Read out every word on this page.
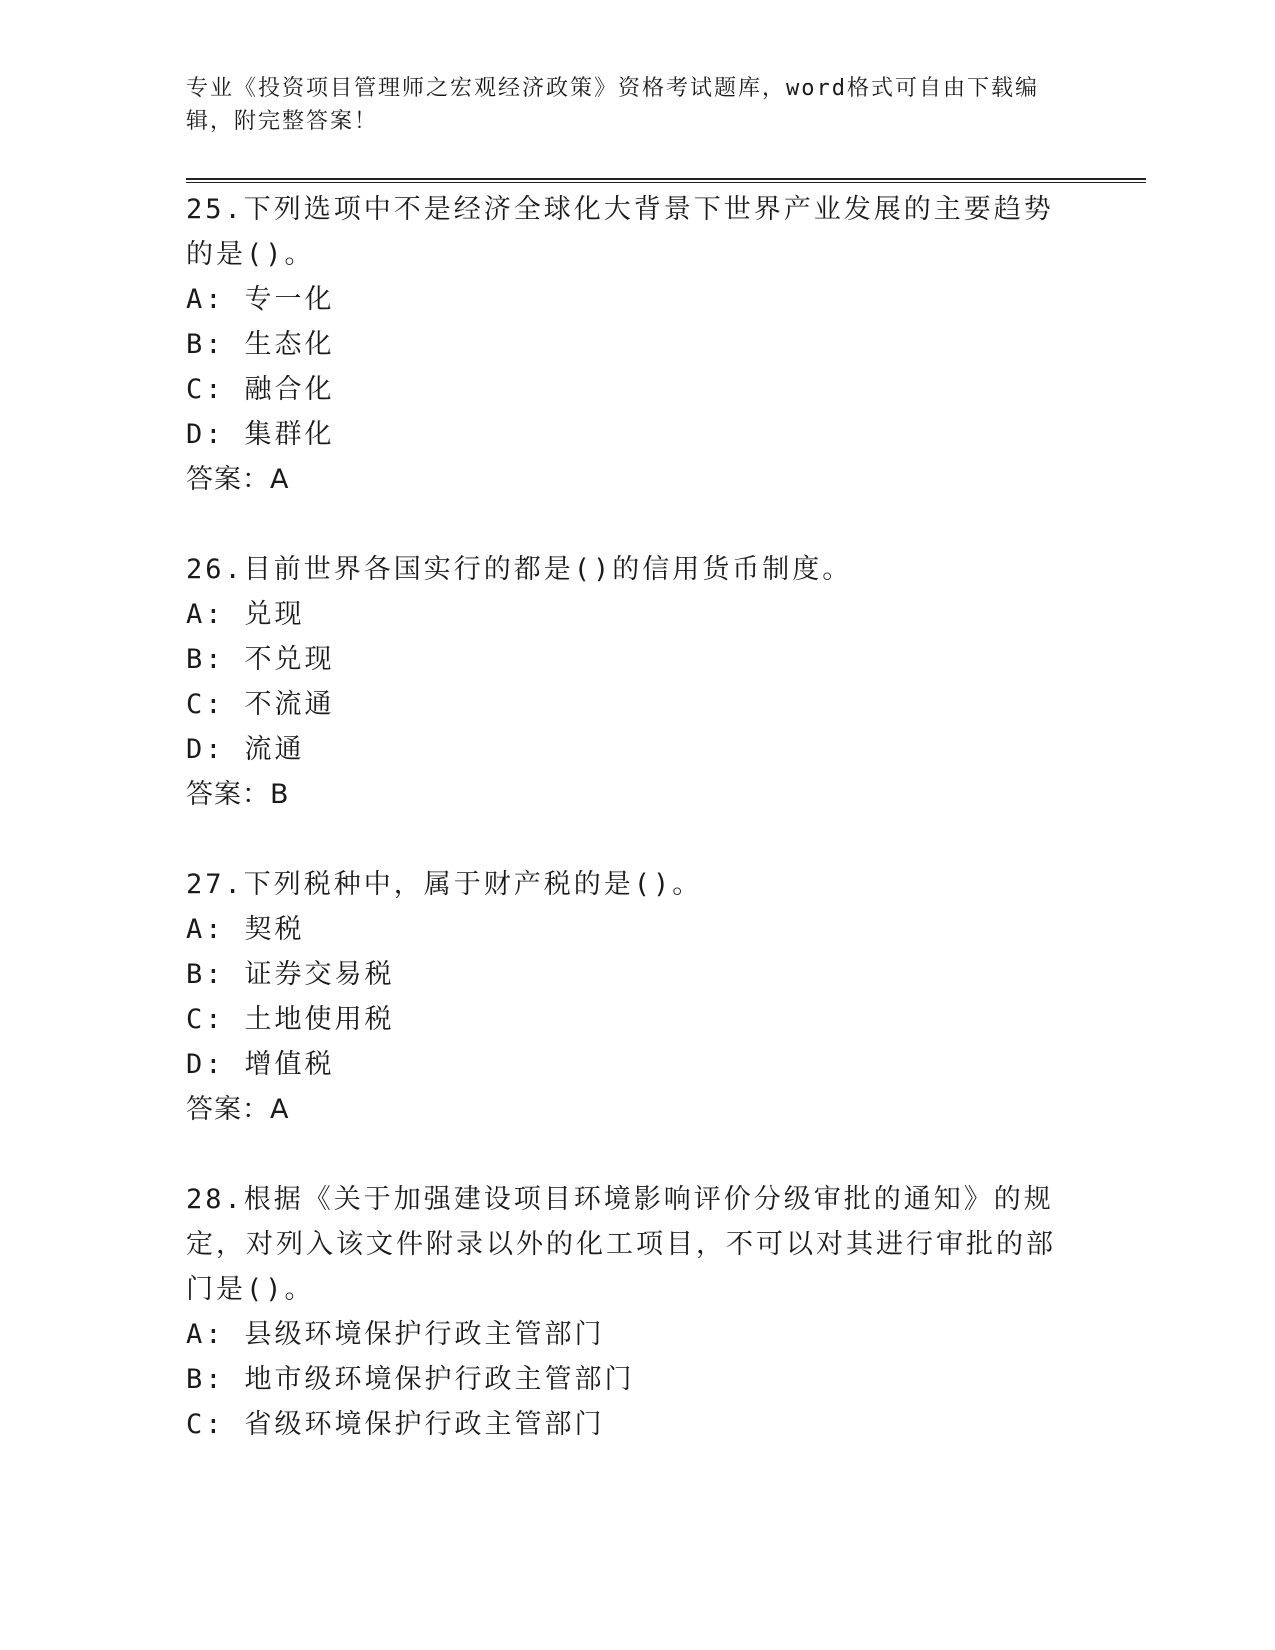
专业《投资项目管理师之宏观经济政策》资格考试题库，word格式可自由下载编辑，附完整答案！
25.下列选项中不是经济全球化大背景下世界产业发展的主要趋势的是()。
A: 专一化
B: 生态化
C: 融合化
D: 集群化
答案：A
26.目前世界各国实行的都是()的信用货币制度。
A: 兑现
B: 不兑现
C: 不流通
D: 流通
答案：B
27.下列税种中，属于财产税的是()。
A: 契税
B: 证券交易税
C: 土地使用税
D: 增值税
答案：A
28.根据《关于加强建设项目环境影响评价分级审批的通知》的规定，对列入该文件附录以外的化工项目，不可以对其进行审批的部门是()。
A: 县级环境保护行政主管部门
B: 地市级环境保护行政主管部门
C: 省级环境保护行政主管部门
